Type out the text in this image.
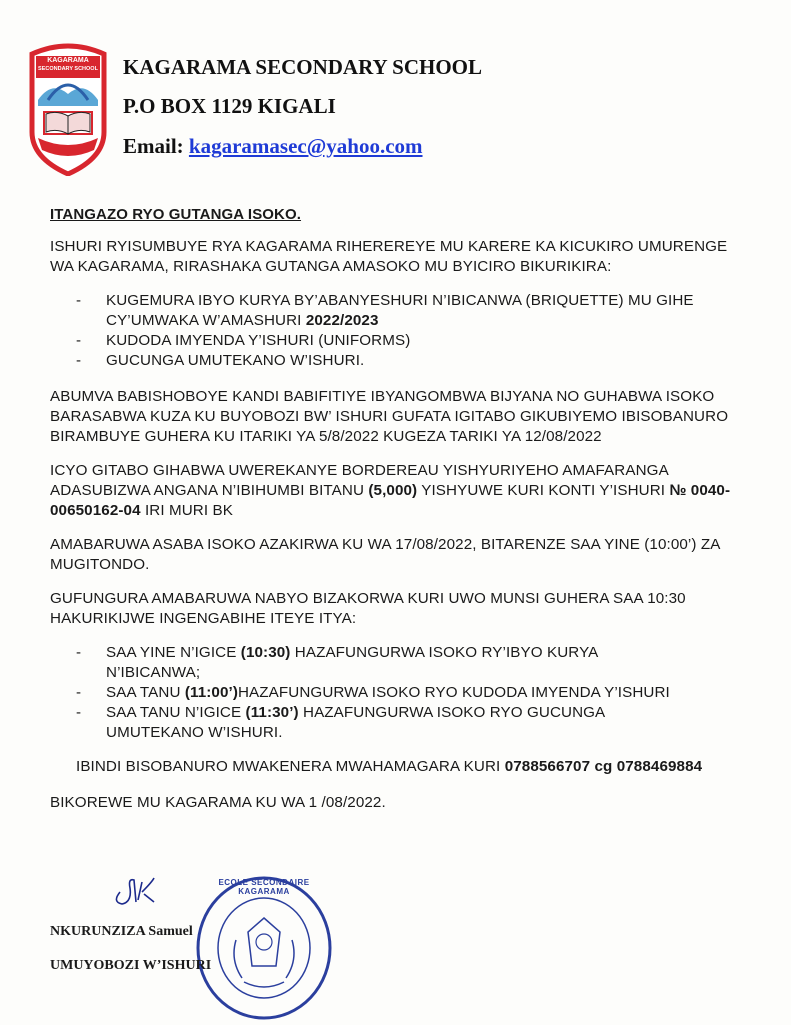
KAGARAMA
SECONDARY SCHOOL KAGARAMA SECONDARY SCHOOL
P.O BOX 1129 KIGALI
Email: kagaramasec@yahoo.com
ITANGAZO RYO GUTANGA ISOKO.
ISHURI RYISUMBUYE RYA KAGARAMA RIHEREREYE MU KARERE KA KICUKIRO UMURENGE WA KAGARAMA, RIRASHAKA GUTANGA AMASOKO MU BYICIRO BIKURIKIRA:
- KUGEMURA IBYO KURYA BY’ABANYESHURI N’IBICANWA (BRIQUETTE) MU GIHE CY’UMWAKA W’AMASHURI 2022/2023
- KUDODA IMYENDA Y’ISHURI (UNIFORMS)
- GUCUNGA UMUTEKANO W’ISHURI.
ABUMVA BABISHOBOYE KANDI BABIFITIYE IBYANGOMBWA BIJYANA NO GUHABWA ISOKO BARASABWA KUZA KU BUYOBOZI BW’ ISHURI GUFATA IGITABO GIKUBIYEMO IBISOBANURO BIRAMBUYE GUHERA KU ITARIKI YA 5/8/2022 KUGEZA TARIKI YA 12/08/2022
ICYO GITABO GIHABWA UWEREKANYE BORDEREAU YISHYURIYEHO AMAFARANGA ADASUBIZWA ANGANA N’IBIHUMBI BITANU (5,000) YISHYUWE KURI KONTI Y’ISHURI № 0040-00650162-04 IRI MURI BK
AMABARUWA ASABA ISOKO AZAKIRWA KU WA 17/08/2022, BITARENZE SAA YINE (10:00’) ZA MUGITONDO.
GUFUNGURA AMABARUWA NABYO BIZAKORWA KURI UWO MUNSI GUHERA SAA 10:30 HAKURIKIJWE INGENGABIHE ITEYE ITYA:
- SAA YINE N’IGICE (10:30) HAZAFUNGURWA ISOKO RY’IBYO KURYA N’IBICANWA;
- SAA TANU (11:00’)HAZAFUNGURWA ISOKO RYO KUDODA IMYENDA Y’ISHURI
- SAA TANU N’IGICE (11:30’) HAZAFUNGURWA ISOKO RYO GUCUNGA UMUTEKANO W’ISHURI.
IBINDI BISOBANURO MWAKENERA MWAHAMAGARA KURI 0788566707 cg 0788469884
BIKOREWE MU KAGARAMA KU WA 1 /08/2022.
ECOLE SECONDAIRE KAGARAMA
NKURUNZIZA Samuel
UMUYOBOZI W’ISHURI
